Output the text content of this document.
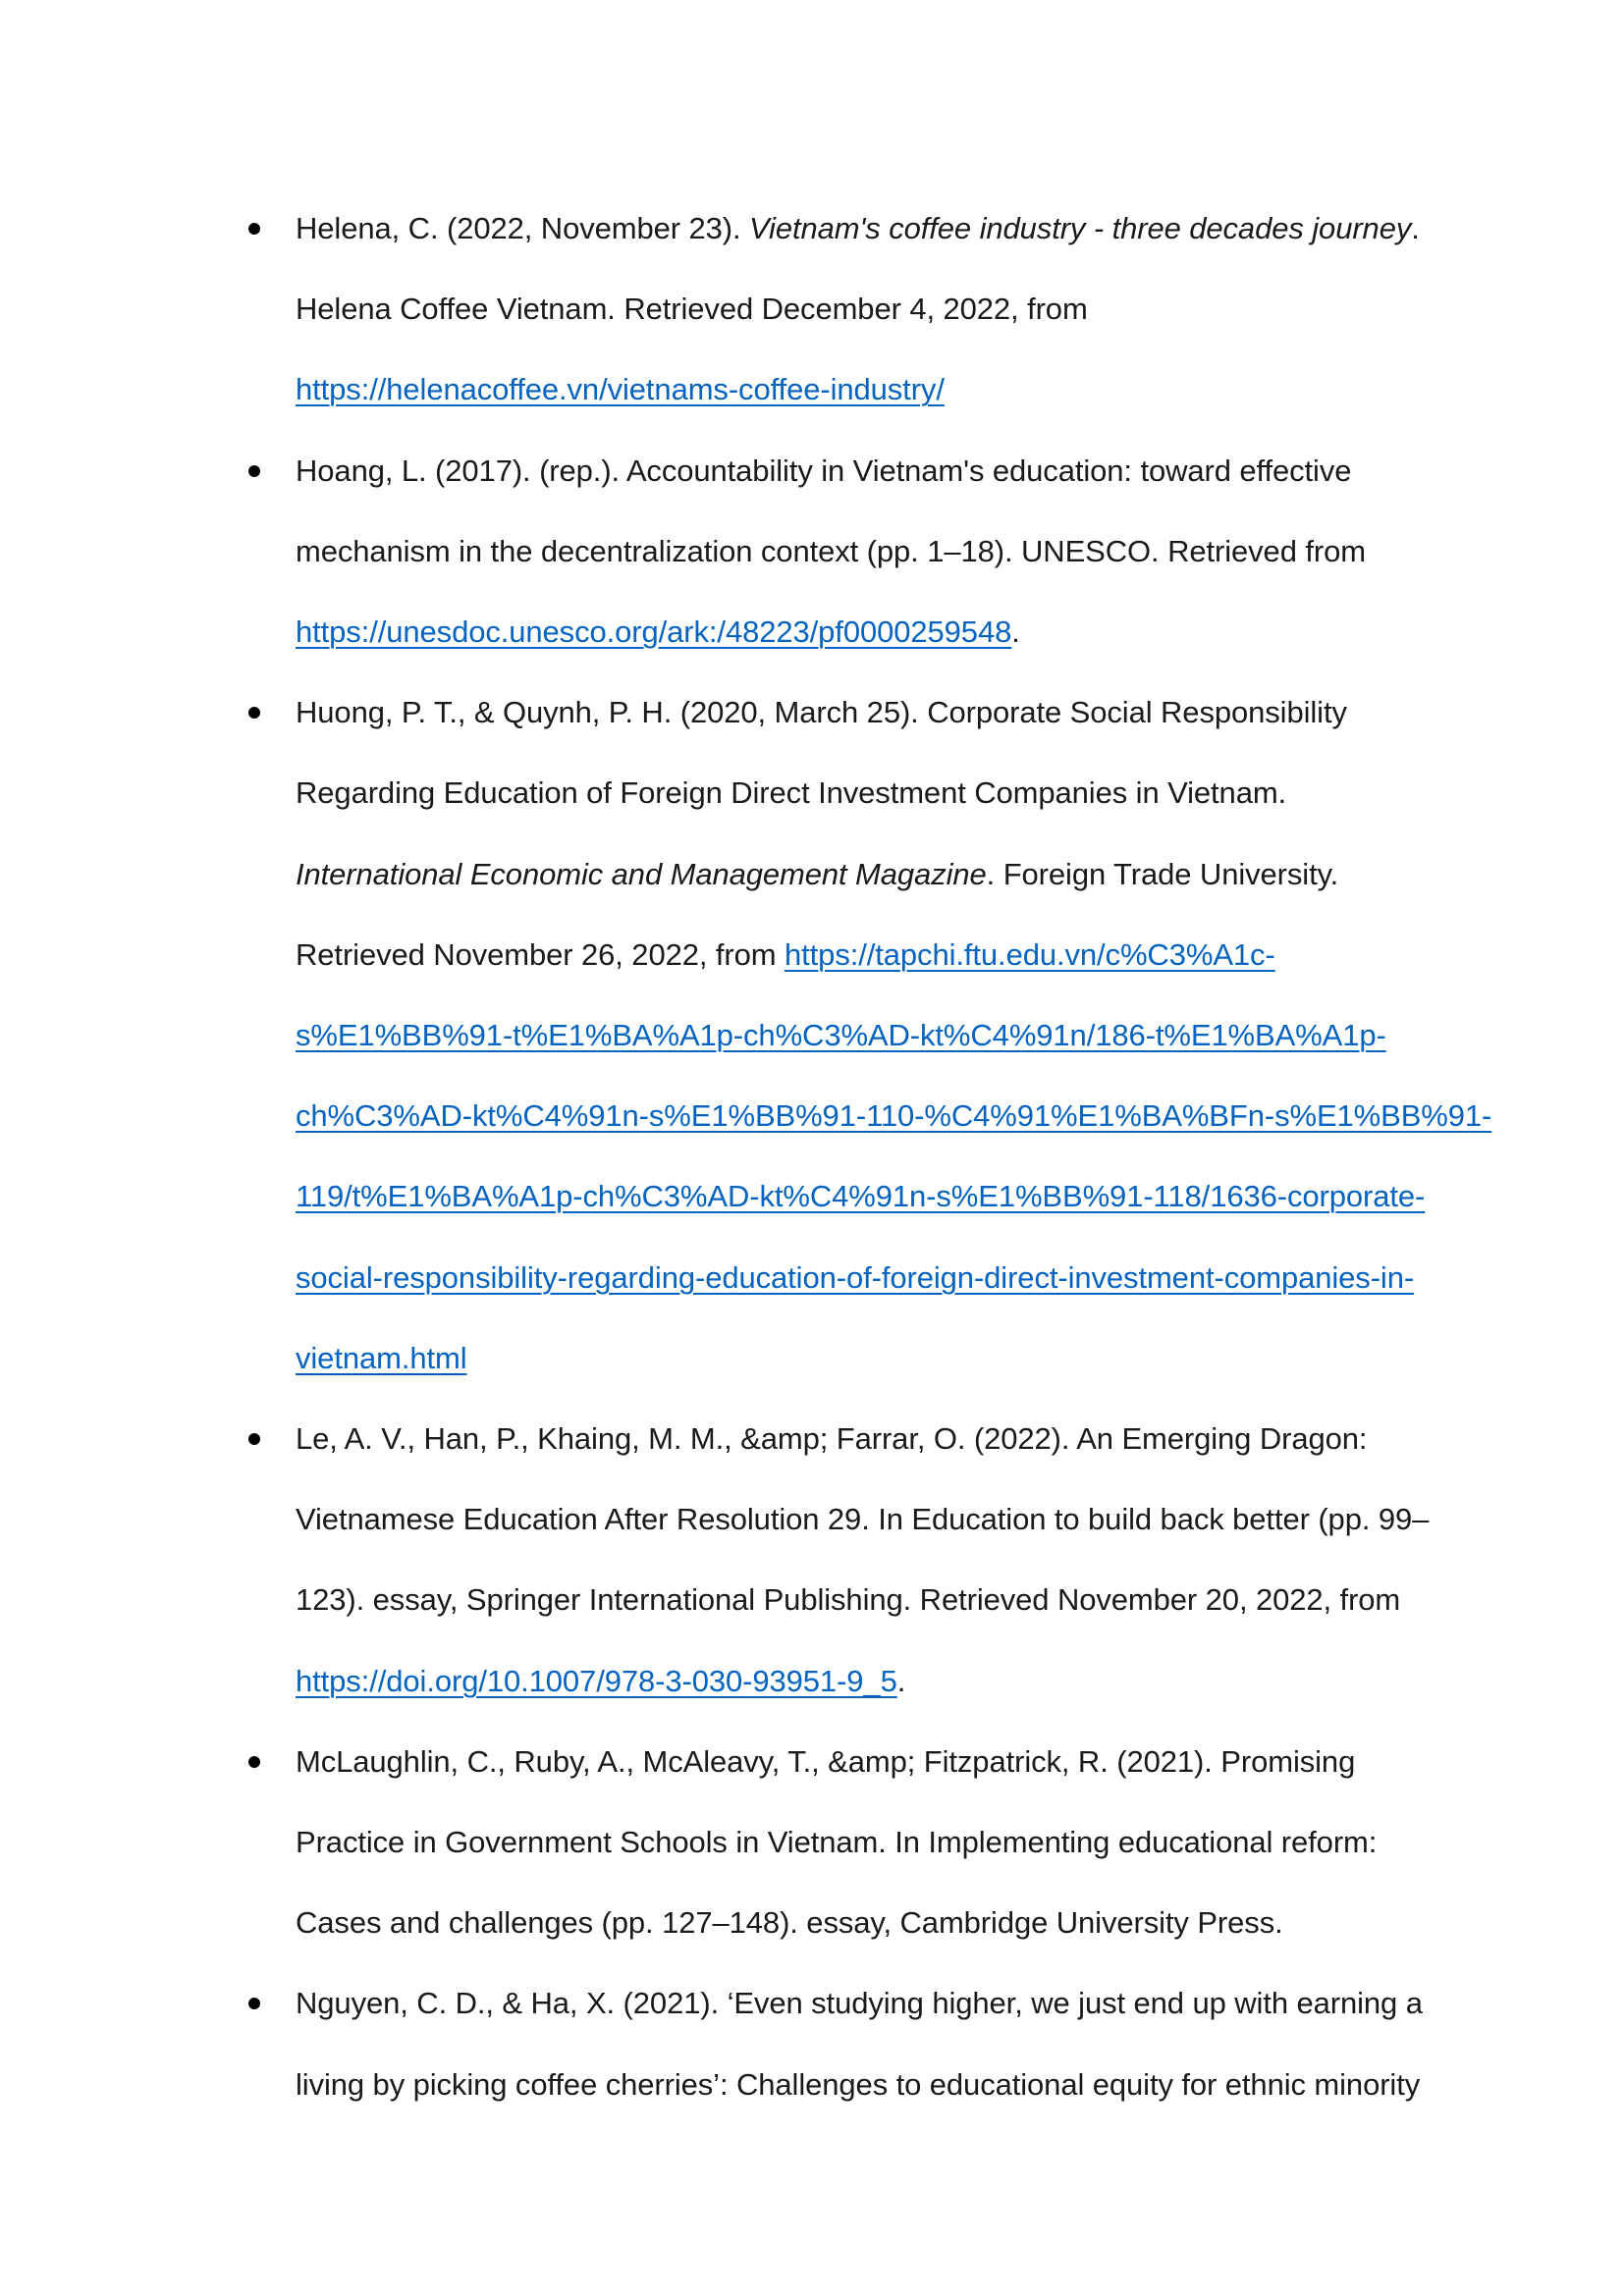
Helena, C. (2022, November 23). Vietnam's coffee industry - three decades journey.
Helena Coffee Vietnam. Retrieved December 4, 2022, from
https://helenacoffee.vn/vietnams-coffee-industry/
Hoang, L. (2017). (rep.). Accountability in Vietnam's education: toward effective
mechanism in the decentralization context (pp. 1–18). UNESCO. Retrieved from
https://unesdoc.unesco.org/ark:/48223/pf0000259548.
Huong, P. T., & Quynh, P. H. (2020, March 25). Corporate Social Responsibility
Regarding Education of Foreign Direct Investment Companies in Vietnam.
International Economic and Management Magazine. Foreign Trade University.
Retrieved November 26, 2022, from https://tapchi.ftu.edu.vn/c%C3%A1c-
s%E1%BB%91-t%E1%BA%A1p-ch%C3%AD-kt%C4%91n/186-t%E1%BA%A1p-
ch%C3%AD-kt%C4%91n-s%E1%BB%91-110-%C4%91%E1%BA%BFn-s%E1%BB%91-
119/t%E1%BA%A1p-ch%C3%AD-kt%C4%91n-s%E1%BB%91-118/1636-corporate-
social-responsibility-regarding-education-of-foreign-direct-investment-companies-in-
vietnam.html
Le, A. V., Han, P., Khaing, M. M., &amp; Farrar, O. (2022). An Emerging Dragon:
Vietnamese Education After Resolution 29. In Education to build back better (pp. 99–
123). essay, Springer International Publishing. Retrieved November 20, 2022, from
https://doi.org/10.1007/978-3-030-93951-9_5.
McLaughlin, C., Ruby, A., McAleavy, T., &amp; Fitzpatrick, R. (2021). Promising
Practice in Government Schools in Vietnam. In Implementing educational reform:
Cases and challenges (pp. 127–148). essay, Cambridge University Press.
Nguyen, C. D., & Ha, X. (2021). ‘Even studying higher, we just end up with earning a
living by picking coffee cherries’: Challenges to educational equity for ethnic minority
